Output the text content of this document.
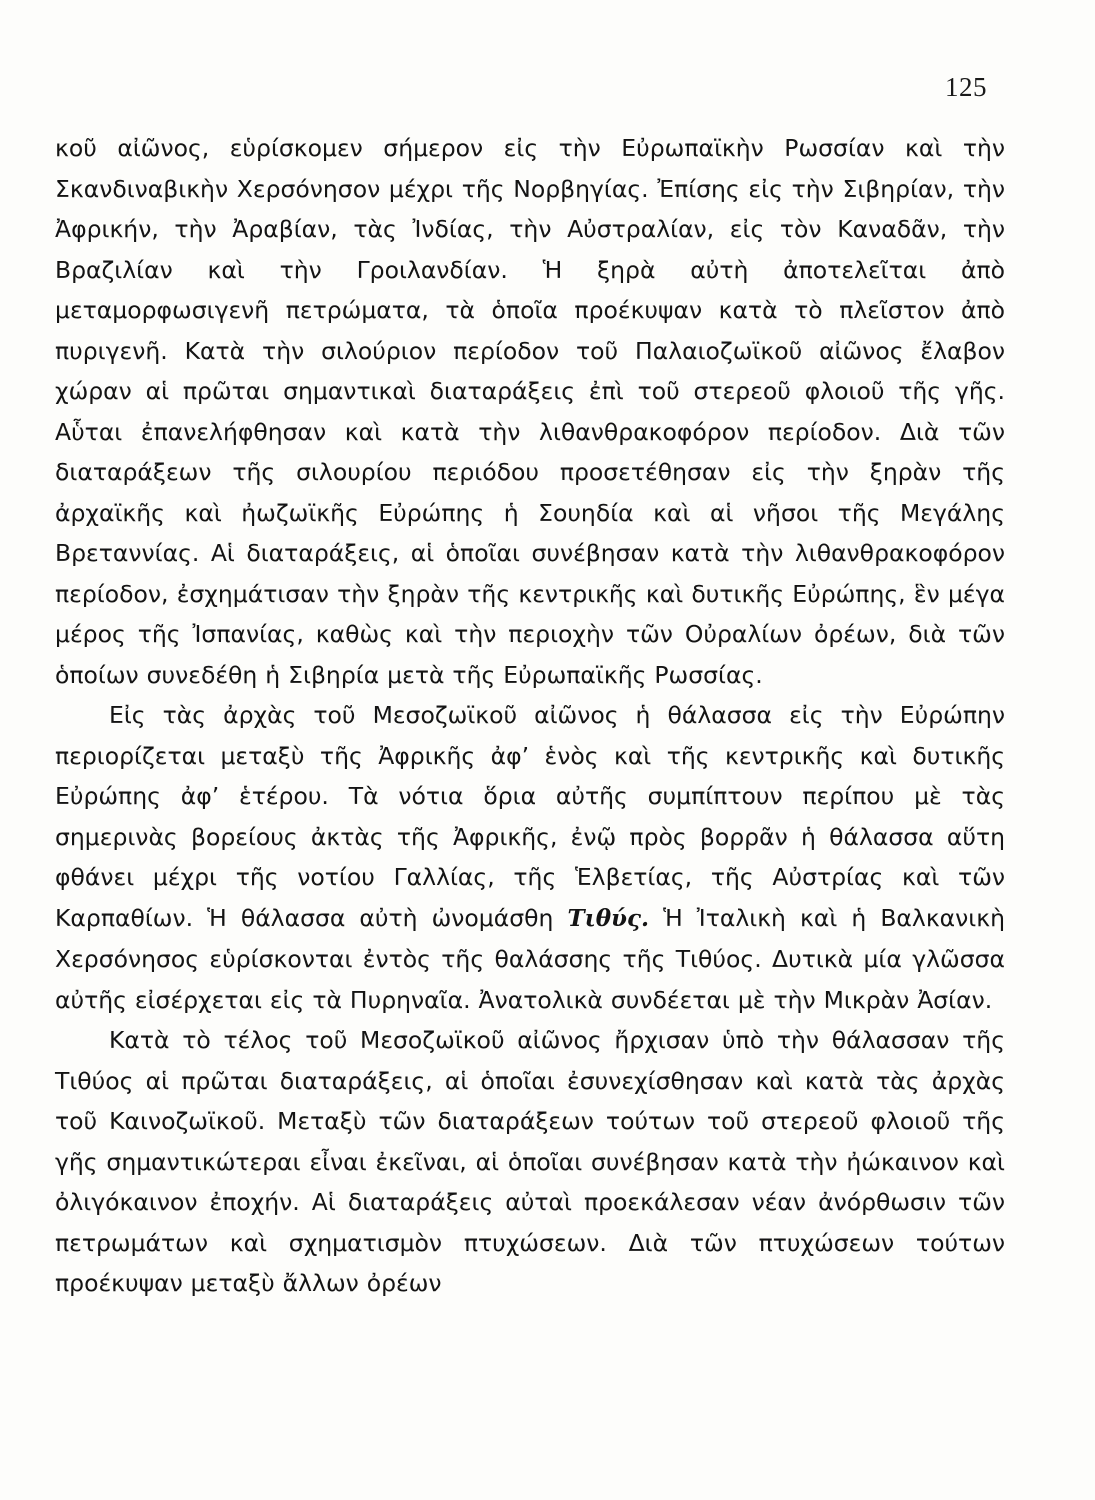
125

κοῦ αἰῶνος, εὑρίσκομεν σήμερον εἰς τὴν Εὐρωπαϊκὴν Ρωσσίαν καὶ τὴν Σκανδιναβικὴν Χερσόνησον μέχρι τῆς Νορβηγίας. Ἐπίσης εἰς τὴν Σιβηρίαν, τὴν Ἀφρικήν, τὴν Ἀραβίαν, τὰς Ἰνδίας, τὴν Αὐστραλίαν, εἰς τὸν Καναδᾶν, τὴν Βραζιλίαν καὶ τὴν Γροιλανδίαν. Ἡ ξηρὰ αὐτὴ ἀποτελεῖται ἀπὸ μεταμορφωσιγενῆ πετρώματα, τὰ ὁποῖα προέκυψαν κατὰ τὸ πλεῖστον ἀπὸ πυριγενῆ. Κατὰ τὴν σιλούριον περίοδον τοῦ Παλαιοζωϊκοῦ αἰῶνος ἔλαβον χώραν αἱ πρῶται σημαντικαὶ διαταράξεις ἐπὶ τοῦ στερεοῦ φλοιοῦ τῆς γῆς. Αὗται ἐπανελήφθησαν καὶ κατὰ τὴν λιθανθρακοφόρον περίοδον. Διὰ τῶν διαταράξεων τῆς σιλουρίου περιόδου προσετέθησαν εἰς τὴν ξηρὰν τῆς ἀρχαϊκῆς καὶ ἠωζωϊκῆς Εὐρώπης ἡ Σουηδία καὶ αἱ νῆσοι τῆς Μεγάλης Βρεταννίας. Αἱ διαταράξεις, αἱ ὁποῖαι συνέβησαν κατὰ τὴν λιθανθρακοφόρον περίοδον, ἐσχημάτισαν τὴν ξηρὰν τῆς κεντρικῆς καὶ δυτικῆς Εὐρώπης, ἓν μέγα μέρος τῆς Ἰσπανίας, καθὼς καὶ τὴν περιοχὴν τῶν Οὐραλίων ὀρέων, διὰ τῶν ὁποίων συνεδέθη ἡ Σιβηρία μετὰ τῆς Εὐρωπαϊκῆς Ρωσσίας.

Εἰς τὰς ἀρχὰς τοῦ Μεσοζωϊκοῦ αἰῶνος ἡ θάλασσα εἰς τὴν Εὐρώπην περιορίζεται μεταξὺ τῆς Ἀφρικῆς ἀφ’ ἑνὸς καὶ τῆς κεντρικῆς καὶ δυτικῆς Εὐρώπης ἀφ’ ἑτέρου. Τὰ νότια ὅρια αὐτῆς συμπίπτουν περίπου μὲ τὰς σημερινὰς βορείους ἀκτὰς τῆς Ἀφρικῆς, ἐνῷ πρὸς βορρᾶν ἡ θάλασσα αὕτη φθάνει μέχρι τῆς νοτίου Γαλλίας, τῆς Ἑλβετίας, τῆς Αὐστρίας καὶ τῶν Καρπαθίων. Ἡ θάλασσα αὐτὴ ὠνομάσθη Τιθύς. Ἡ Ἰταλικὴ καὶ ἡ Βαλκανικὴ Χερσόνησος εὑρίσκονται ἐντὸς τῆς θαλάσσης τῆς Τιθύος. Δυτικὰ μία γλῶσσα αὐτῆς εἰσέρχεται εἰς τὰ Πυρηναῖα. Ἀνατολικὰ συνδέεται μὲ τὴν Μικρὰν Ἀσίαν.

Κατὰ τὸ τέλος τοῦ Μεσοζωϊκοῦ αἰῶνος ἤρχισαν ὑπὸ τὴν θάλασσαν τῆς Τιθύος αἱ πρῶται διαταράξεις, αἱ ὁποῖαι ἐσυνεχίσθησαν καὶ κατὰ τὰς ἀρχὰς τοῦ Καινοζωϊκοῦ. Μεταξὺ τῶν διαταράξεων τούτων τοῦ στερεοῦ φλοιοῦ τῆς γῆς σημαντικώτεραι εἶναι ἐκεῖναι, αἱ ὁποῖαι συνέβησαν κατὰ τὴν ἠώκαινον καὶ ὀλιγόκαινον ἐποχήν. Αἱ διαταράξεις αὐταὶ προεκάλεσαν νέαν ἀνόρθωσιν τῶν πετρωμάτων καὶ σχηματισμὸν πτυχώσεων. Διὰ τῶν πτυχώσεων τούτων προέκυψαν μεταξὺ ἄλλων ὀρέων
